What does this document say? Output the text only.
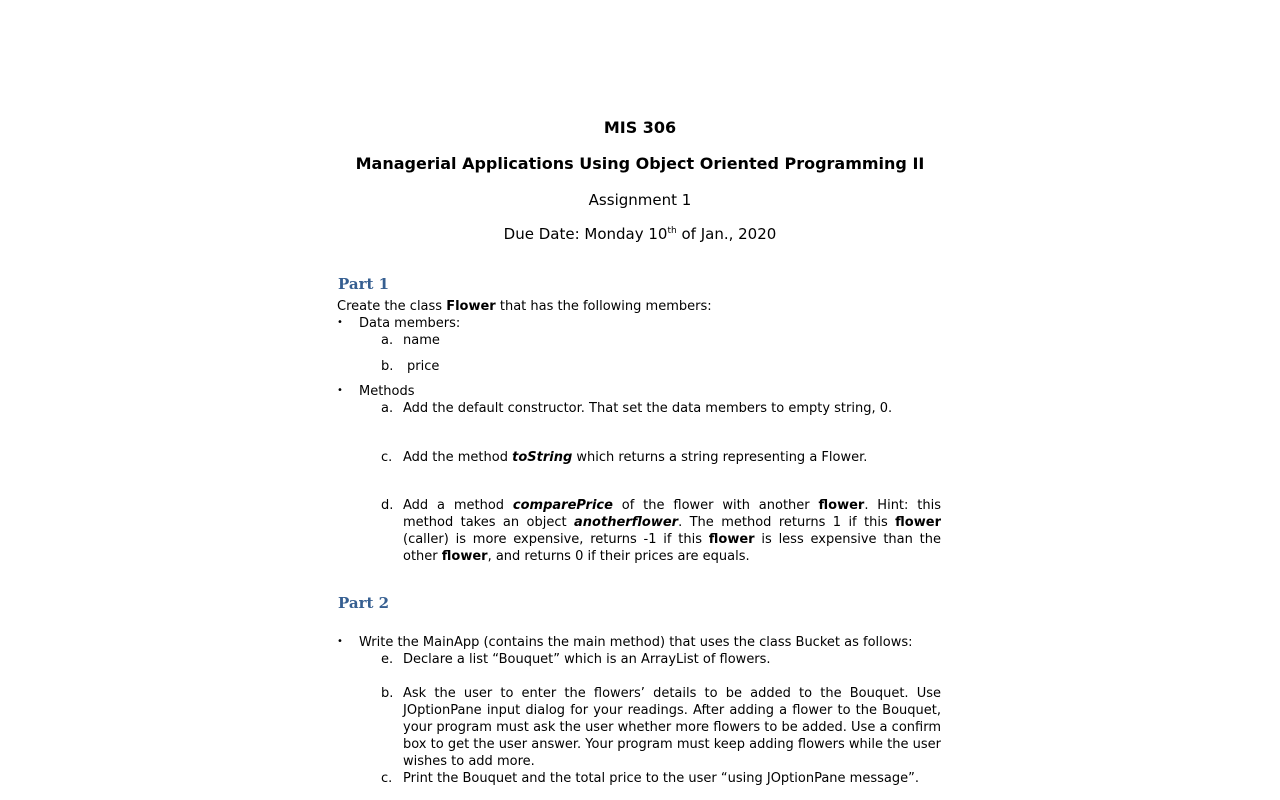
MIS 306
Managerial Applications Using Object Oriented Programming II
Assignment 1
Due Date: Monday 10th of Jan., 2020
Part 1
Create the class Flower that has the following members:
• Data members:
a. name
b. price
• Methods
a. Add the default constructor. That set the data members to empty string, 0.
c. Add the method toString which returns a string representing a Flower.
d. Add a method comparePrice of the flower with another flower. Hint: this method takes an object anotherflower. The method returns 1 if this flower (caller) is more expensive, returns -1 if this flower is less expensive than the other flower, and returns 0 if their prices are equals.
Part 2
• Write the MainApp (contains the main method) that uses the class Bucket as follows:
e. Declare a list “Bouquet” which is an ArrayList of flowers.
b. Ask the user to enter the flowers’ details to be added to the Bouquet. Use JOptionPane input dialog for your readings. After adding a flower to the Bouquet, your program must ask the user whether more flowers to be added. Use a confirm box to get the user answer. Your program must keep adding flowers while the user wishes to add more.
c. Print the Bouquet and the total price to the user “using JOptionPane message”.
